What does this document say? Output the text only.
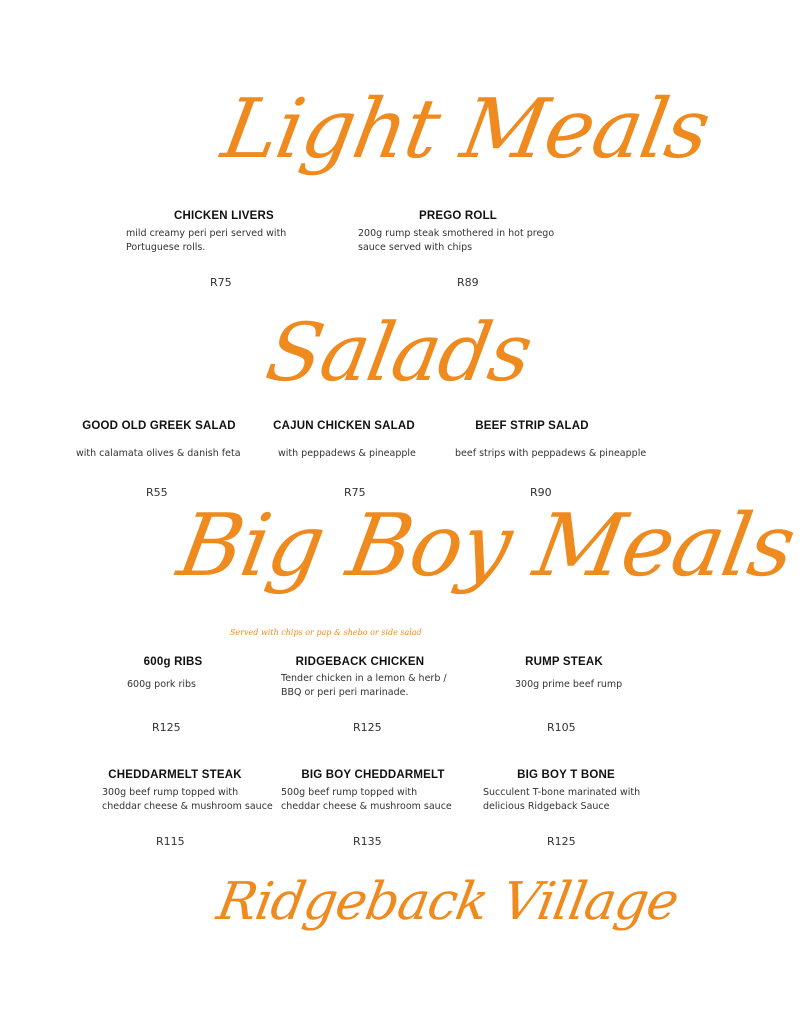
Light Meals
CHICKEN LIVERS
mild creamy peri peri served with Portuguese rolls.
R75
PREGO ROLL
200g rump steak smothered in hot prego sauce served with chips
R89
Salads
GOOD OLD GREEK SALAD
with calamata olives & danish feta
R55
CAJUN CHICKEN SALAD
with peppadews & pineapple
R75
BEEF STRIP SALAD
beef strips with peppadews & pineapple
R90
Big Boy Meals
Served with chips or pap & shebo or side salad
600g RIBS
600g pork ribs
R125
RIDGEBACK CHICKEN
Tender chicken in a lemon & herb / BBQ or peri peri marinade.
R125
RUMP STEAK
300g prime beef rump
R105
CHEDDARMELT STEAK
300g beef rump topped with cheddar cheese & mushroom sauce
R115
BIG BOY CHEDDARMELT
500g beef rump topped with cheddar cheese & mushroom sauce
R135
BIG BOY T BONE
Succulent T-bone marinated with delicious Ridgeback Sauce
R125
Ridgeback Village
